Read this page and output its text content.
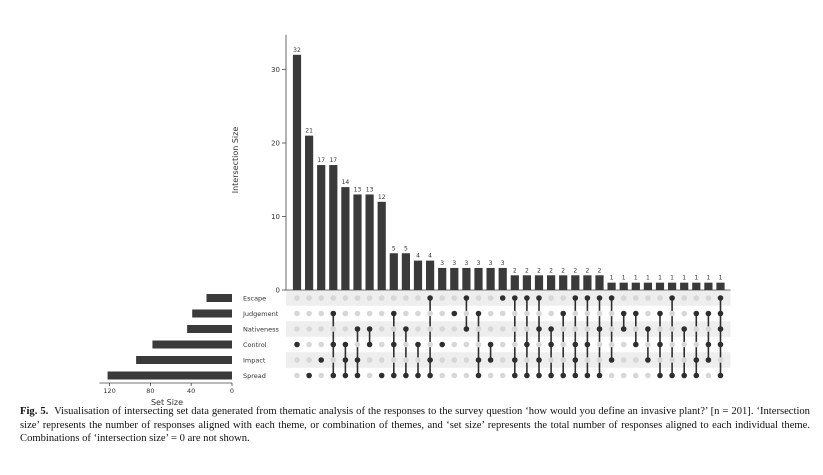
0
10
20
30
Intersection Size
32
21
17 17
14
13 13
12
5 5
4 4
3 3 3 3 3 3
2 2 2 2 2 2 2 2
1 1 1 1 1 1 1 1 1 1
Escape
Judgement
Nativeness
Control
Impact
Spread
120	80	40	0
Set Size
Fig. 5. Visualisation of intersecting set data generated from thematic analysis of the responses to the survey question ‘how would you define an invasive plant?’ [n = 201]. ‘Intersection size’ represents the number of responses aligned with each theme, or combination of themes, and ‘set size’ represents the total number of responses aligned to each individual theme. Combinations of ‘intersection size’ = 0 are not shown.
